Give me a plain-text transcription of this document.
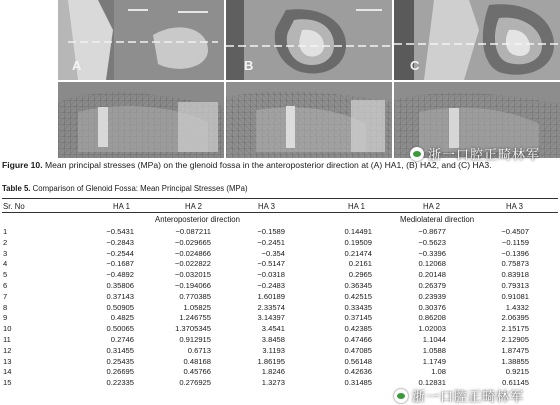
A	B	C
浙一口腔正畸林军
Figure 10. Mean principal stresses (MPa) on the glenoid fossa in the anteroposterior direction at (A) HA1, (B) HA2, and (C) HA3.
Table 5. Comparison of Glenoid Fossa: Mean Principal Stresses (MPa)
Sr. No	HA 1	HA 2	HA 3	HA 1	HA 2	HA 3
Anteroposterior direction	Mediolateral direction
1	−0.5431	−0.087211	−0.1589	0.14491	−0.8677	−0.4507
2	−0.2843	−0.029665	−0.2451	0.19509	−0.5623	−0.1159
3	−0.2544	−0.024866	−0.354	0.21474	−0.3396	−0.1396
4	−0.1687	−0.022822	−0.5147	0.2161	0.12068	0.75873
5	−0.4892	−0.032015	−0.0318	0.2965	0.20148	0.83918
6	0.35806	−0.194066	−0.2483	0.36345	0.26379	0.79313
7	0.37143	0.770385	1.60189	0.42515	0.23939	0.91081
8	0.50905	1.05825	2.33574	0.33435	0.30376	1.4332
9	0.4825	1.246755	3.14397	0.37145	0.86208	2.06395
10	0.50065	1.3705345	3.4541	0.42385	1.02003	2.15175
11	0.2746	0.912915	3.8458	0.47466	1.1044	2.12905
12	0.31455	0.6713	3.1193	0.47085	1.0588	1.87475
13	0.25435	0.48168	1.86195	0.56148	1.1749	1.38855
14	0.26695	0.45766	1.8246	0.42636	1.08	0.9215
15	0.22335	0.276925	1.3273	0.31485	0.12831	0.61145
浙一口腔正畸林军
